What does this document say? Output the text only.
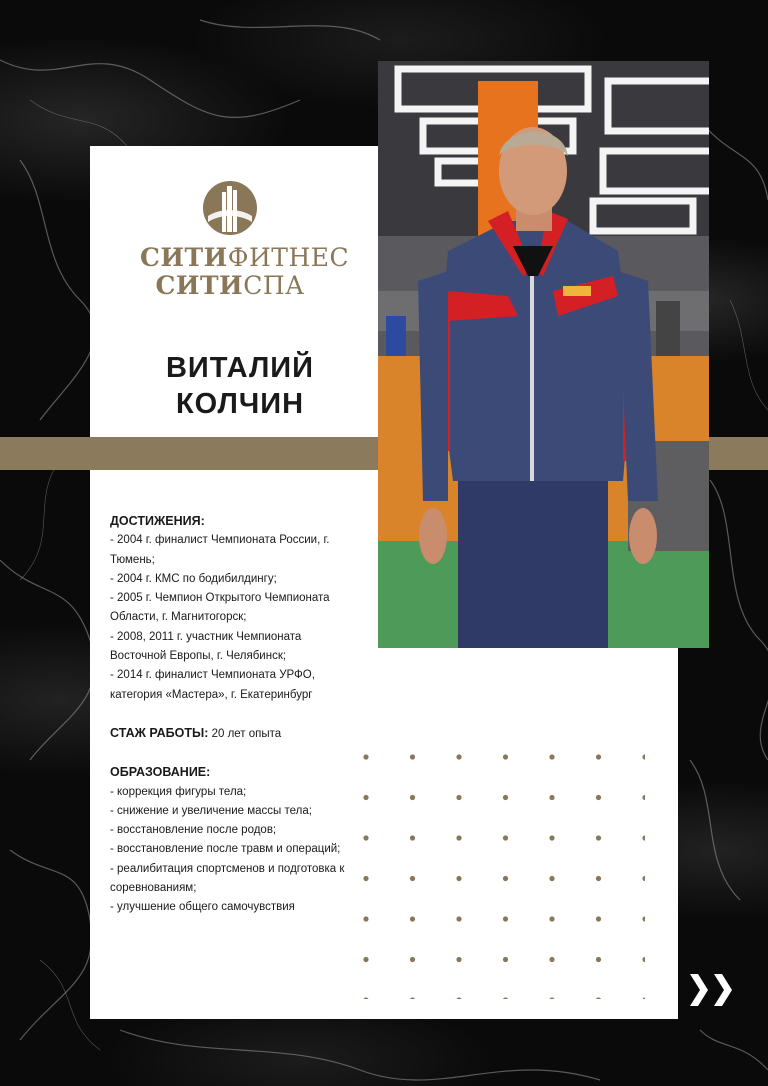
СИТИФИТНЕС
СИТИСПА
ВИТАЛИЙ
КОЛЧИН

ДОСТИЖЕНИЯ:

- 2004 г. финалист Чемпионата России, г.

Тюмень;

- 2004 г. КМС по бодибилдингу;

- 2005 г. Чемпион Открытого Чемпионата

Области, г. Магнитогорск;

- 2008, 2011 г. участник Чемпионата

Восточной Европы, г. Челябинск;

- 2014 г. финалист Чемпионата УРФО,

категория «Мастера», г. Екатеринбург

СТАЖ РАБОТЫ: 20 лет опыта

ОБРАЗОВАНИЕ:

- коррекция фигуры тела;

- снижение и увеличение массы тела;

- восстановление после родов;

- восстановление после травм и операций;

- реалибитация спортсменов и подготовка к

соревнованиям;

- улучшение общего самочувствия
